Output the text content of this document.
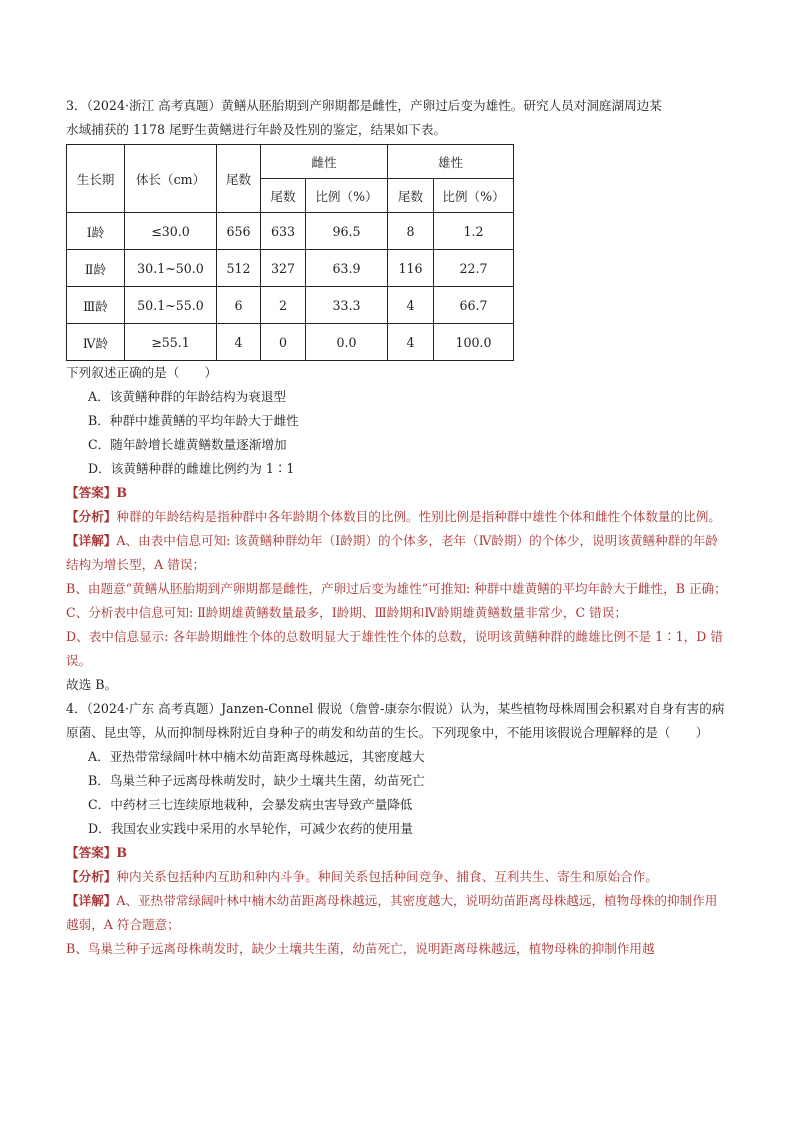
3．（2024·浙江 高考真题）黄鳝从胚胎期到产卵期都是雌性，产卵过后变为雄性。研究人员对洞庭湖周边某

水域捕获的 1178 尾野生黄鳝进行年龄及性别的鉴定，结果如下表。

生长期	体长（cm）	尾数	雌性		雄性	
			尾数	比例（%）	尾数	比例（%）
Ⅰ龄	≤30.0	656	633	96.5	8	1.2
Ⅱ龄	30.1~50.0	512	327	63.9	116	22.7
Ⅲ龄	50.1~55.0	6	2	33.3	4	66.7
Ⅳ龄	≥55.1	4	0	0.0	4	100.0

下列叙述正确的是（　　）

A．该黄鳝种群的年龄结构为衰退型

B．种群中雄黄鳝的平均年龄大于雌性

C．随年龄增长雄黄鳝数量逐渐增加

D．该黄鳝种群的雌雄比例约为 1∶1

【答案】B

【分析】种群的年龄结构是指种群中各年龄期个体数目的比例。性别比例是指种群中雄性个体和雌性个体数量的比例。

【详解】A、由表中信息可知: 该黄鳝种群幼年（Ⅰ龄期）的个体多，老年（Ⅳ龄期）的个体少，说明该黄鳝种群的年龄结构为增长型，A 错误；

B、由题意“黄鳝从胚胎期到产卵期都是雌性，产卵过后变为雄性”可推知: 种群中雄黄鳝的平均年龄大于雌性，B 正确；

C、分析表中信息可知: Ⅱ龄期雄黄鳝数量最多，Ⅰ龄期、Ⅲ龄期和Ⅳ龄期雄黄鳝数量非常少，C 错误；

D、表中信息显示: 各年龄期雌性个体的总数明显大于雄性性个体的总数，说明该黄鳝种群的雌雄比例不是 1∶1，D 错误。

故选 B。

4．（2024·广东 高考真题）Janzen-Connel 假说（詹曾-康奈尔假说）认为，某些植物母株周围会积累对自身有害的病原菌、昆虫等，从而抑制母株附近自身种子的萌发和幼苗的生长。下列现象中，不能用该假说合理解释的是（　　）

A．亚热带常绿阔叶林中楠木幼苗距离母株越远，其密度越大

B．鸟巢兰种子远离母株萌发时，缺少土壤共生菌，幼苗死亡

C．中药材三七连续原地栽种，会暴发病虫害导致产量降低

D．我国农业实践中采用的水旱轮作，可减少农药的使用量

【答案】B

【分析】种内关系包括种内互助和种内斗争。种间关系包括种间竞争、捕食、互利共生、寄生和原始合作。

【详解】A、亚热带常绿阔叶林中楠木幼苗距离母株越远，其密度越大，说明幼苗距离母株越远，植物母株的抑制作用越弱，A 符合题意；

B、鸟巢兰种子远离母株萌发时，缺少土壤共生菌，幼苗死亡，说明距离母株越远，植物母株的抑制作用越
